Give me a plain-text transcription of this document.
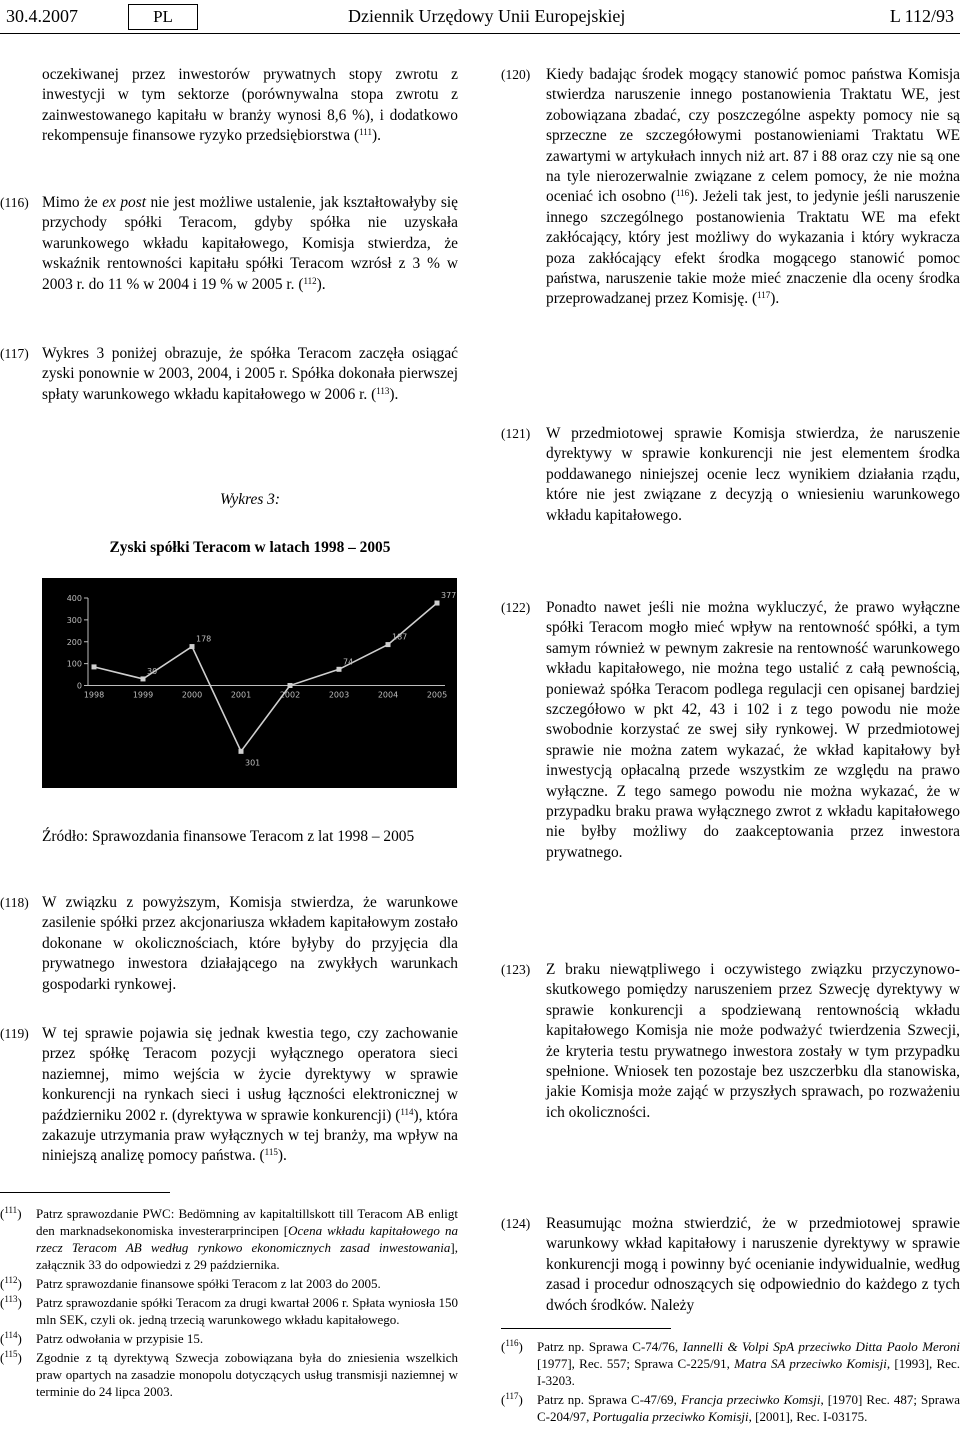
30.4.2007	PL	Dziennik Urzędowy Unii Europejskiej	L 112/93
oczekiwanej przez inwestorów prywatnych stopy zwrotu z inwestycji w tym sektorze (porównywalna stopa zwrotu z zainwestowanego kapitału w branży wynosi 8,6 %), i dodatkowo rekompensuje finansowe ryzyko przedsiębiorstwa ($^{111}$).
(116) Mimo że ex post nie jest możliwe ustalenie, jak kształtowałyby się przychody spółki Teracom, gdyby spółka nie uzyskała warunkowego wkładu kapitałowego, Komisja stwierdza, że wskaźnik rentowności kapitału spółki Teracom wzrósł z 3 % w 2003 r. do 11 % w 2004 i 19 % w 2005 r. ($^{112}$).
(117) Wykres 3 poniżej obrazuje, że spółka Teracom zaczęła osiągać zyski ponownie w 2003, 2004, i 2005 r. Spółka dokonała pierwszej spłaty warunkowego wkładu kapitałowego w 2006 r. ($^{113}$).
Wykres 3:
Zyski spółki Teracom w latach 1998 – 2005
Źródło: Sprawozdania finansowe Teracom z lat 1998 – 2005
(118) W związku z powyższym, Komisja stwierdza, że warunkowe zasilenie spółki przez akcjonariusza wkładem kapitałowym zostało dokonane w okolicznościach, które byłyby do przyjęcia dla prywatnego inwestora działającego na zwykłych warunkach gospodarki rynkowej.
(119) W tej sprawie pojawia się jednak kwestia tego, czy zachowanie przez spółkę Teracom pozycji wyłącznego operatora sieci naziemnej, mimo wejścia w życie dyrektywy w sprawie konkurencji na rynkach sieci i usług łączności elektronicznej w październiku 2002 r. (dyrektywa w sprawie konkurencji) ($^{114}$), która zakazuje utrzymania praw wyłącznych w tej branży, ma wpływ na niniejszą analizę pomocy państwa. ($^{115}$).
400
300
200
100
0
1998	1999	2000	2001	2002	2003	2004	2005
30
178
301
74
187
377
($^{111}$) Patrz sprawozdanie PWC: Bedömning av kapitaltillskott till Teracom AB enligt den marknadsekonomiska investerarprincipen [Ocena wkładu kapitałowego na rzecz Teracom AB według rynkowo ekonomicznych zasad inwestowania], załącznik 33 do odpowiedzi z 29 października.
($^{112}$) Patrz sprawozdanie finansowe spółki Teracom z lat 2003 do 2005.
($^{113}$) Patrz sprawozdanie spółki Teracom za drugi kwartał 2006 r. Spłata wyniosła 150 mln SEK, czyli ok. jedną trzecią warunkowego wkładu kapitałowego.
($^{114}$) Patrz odwołania w przypisie 15.
($^{115}$) Zgodnie z tą dyrektywą Szwecja zobowiązana była do zniesienia wszelkich praw opartych na zasadzie monopolu dotyczących usług transmisji naziemnej w terminie do 24 lipca 2003.
(120) Kiedy badając środek mogący stanowić pomoc państwa Komisja stwierdza naruszenie innego postanowienia Traktatu WE, jest zobowiązana zbadać, czy poszczególne aspekty pomocy nie są sprzeczne ze szczegółowymi postanowieniami Traktatu WE zawartymi w artykułach innych niż art. 87 i 88 oraz czy nie są one na tyle nierozerwalnie związane z celem pomocy, że nie można oceniać ich osobno ($^{116}$). Jeżeli tak jest, to jedynie jeśli naruszenie innego szczególnego postanowienia Traktatu WE ma efekt zakłócający, który jest możliwy do wykazania i który wykracza poza zakłócający efekt środka mogącego stanowić pomoc państwa, naruszenie takie może mieć znaczenie dla oceny środka przeprowadzanej przez Komisję. ($^{117}$).
(121) W przedmiotowej sprawie Komisja stwierdza, że naruszenie dyrektywy w sprawie konkurencji nie jest elementem środka poddawanego niniejszej ocenie lecz wynikiem działania rządu, które nie jest związane z decyzją o wniesieniu warunkowego wkładu kapitałowego.
(122) Ponadto nawet jeśli nie można wykluczyć, że prawo wyłączne spółki Teracom mogło mieć wpływ na rentowność spółki, a tym samym również w pewnym zakresie na rentowność warunkowego wkładu kapitałowego, nie można tego ustalić z całą pewnością, ponieważ spółka Teracom podlega regulacji cen opisanej bardziej szczegółowo w pkt 42, 43 i 102 i z tego powodu nie może swobodnie korzystać ze swej siły rynkowej. W przedmiotowej sprawie nie można zatem wykazać, że wkład kapitałowy był inwestycją opłacalną przede wszystkim ze względu na prawo wyłączne. Z tego samego powodu nie można wykazać, że w przypadku braku prawa wyłącznego zwrot z wkładu kapitałowego nie byłby możliwy do zaakceptowania przez inwestora prywatnego.
(123) Z braku niewątpliwego i oczywistego związku przyczynowo-skutkowego pomiędzy naruszeniem przez Szwecję dyrektywy w sprawie konkurencji a spodziewaną rentownością wkładu kapitałowego Komisja nie może podważyć twierdzenia Szwecji, że kryteria testu prywatnego inwestora zostały w tym przypadku spełnione. Wniosek ten pozostaje bez uszczerbku dla stanowiska, jakie Komisja może zająć w przyszłych sprawach, po rozważeniu ich okoliczności.
(124) Reasumując można stwierdzić, że w przedmiotowej sprawie warunkowy wkład kapitałowy i naruszenie dyrektywy w sprawie konkurencji mogą i powinny być ocenianie indywidualnie, według zasad i procedur odnoszących się odpowiednio do każdego z tych dwóch środków. Należy
($^{116}$) Patrz np. Sprawa C-74/76, Iannelli & Volpi SpA przeciwko Ditta Paolo Meroni [1977], Rec. 557; Sprawa C-225/91, Matra SA przeciwko Komisji, [1993], Rec. I-3203.
($^{117}$) Patrz np. Sprawa C-47/69, Francja przeciwko Komsji, [1970] Rec. 487; Sprawa C-204/97, Portugalia przeciwko Komisji, [2001], Rec. I-03175.
